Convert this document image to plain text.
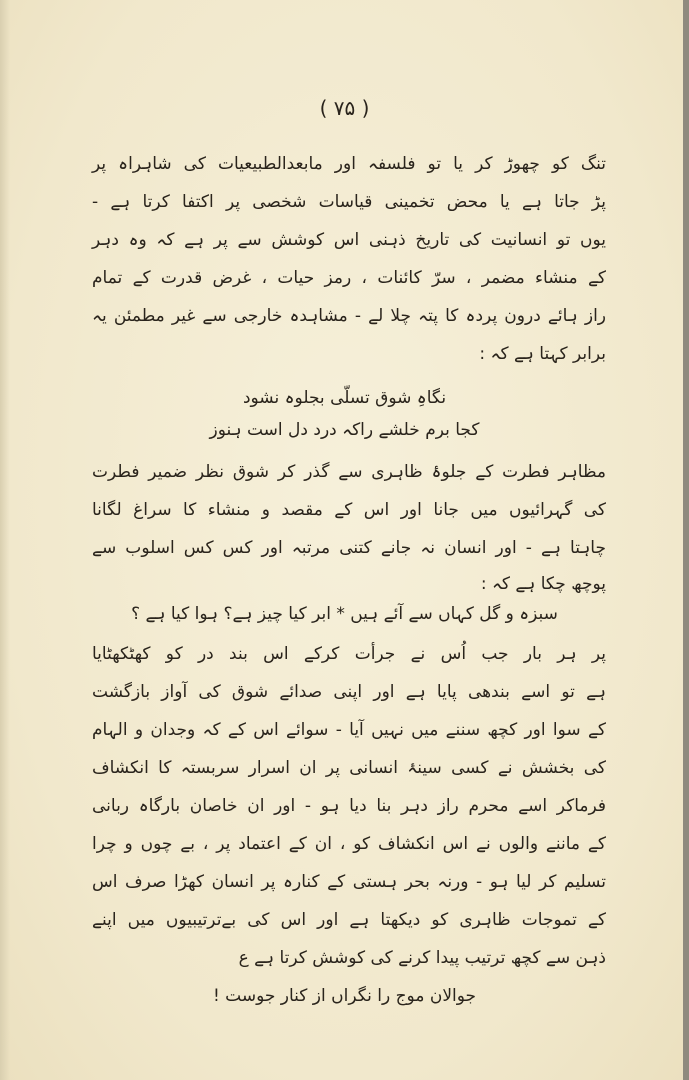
( ۷۵ )
تنگ کو چھوڑ کر یا تو فلسفہ اور مابعدالطبیعیات کی شاہراہ پر
پڑ جاتا ہے یا محض تخمینی قیاسات شخصی پر اکتفا کرتا ہے -
یوں تو انسانیت کی تاریخ ذہنی اس کوشش سے پر ہے کہ وہ دہر
کے منشاء مضمر ، سرّ کائنات ، رمز حیات ، غرض قدرت کے تمام
راز ہائے درون پردہ کا پتہ چلا لے - مشاہدہ خارجی سے غیر مطمئن یہ
برابر کہتا ہے کہ :
نگاہِ شوق تسلّی بجلوہ نشود
کجا برم خلشے راکہ درد دل است ہنوز
مظاہر فطرت کے جلوۂ ظاہری سے گذر کر شوق نظر ضمیر فطرت
کی گہرائیوں میں جانا اور اس کے مقصد و منشاء کا سراغ لگانا
چاہتا ہے - اور انسان نہ جانے کتنی مرتبہ اور کس کس اسلوب سے
پوچھ چکا ہے کہ :
سبزہ و گل کہاں سے آئے ہیں * ابر کیا چیز ہے؟ ہوا کیا ہے ؟
پر ہر بار جب اُس نے جرأت کرکے اس بند در کو کھٹکھٹایا
ہے تو اسے بندھی پایا ہے اور اپنی صدائے شوق کی آواز بازگشت
کے سوا اور کچھ سننے میں نہیں آیا - سوائے اس کے کہ وجدان و الہام
کی بخشش نے کسی سینۂ انسانی پر ان اسرار سربستہ کا انکشاف
فرماکر اسے محرم راز دہر بنا دیا ہو - اور ان خاصان بارگاہ ربانی
کے ماننے والوں نے اس انکشاف کو ، ان کے اعتماد پر ، بے چوں و چرا
تسلیم کر لیا ہو - ورنہ بحر ہستی کے کنارہ پر انسان کھڑا صرف اس
کے تموجات ظاہری کو دیکھتا ہے اور اس کی بےترتیبیوں میں اپنے
ذہن سے کچھ ترتیب پیدا کرنے کی کوشش کرتا ہے ع
جوالان موج را نگراں از کنار جوست !
